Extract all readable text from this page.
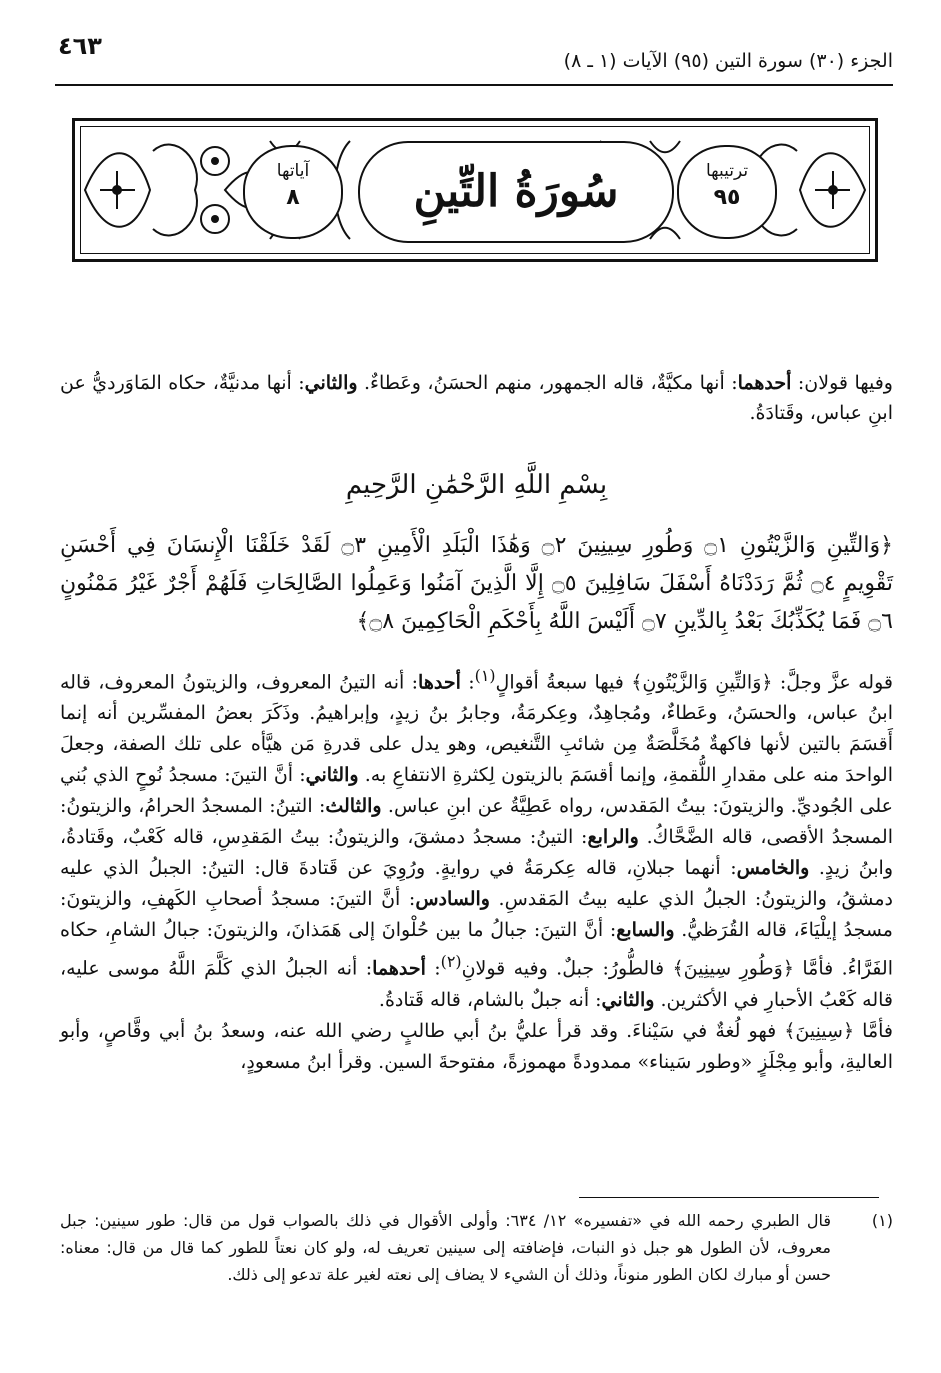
٤٦٣
الجزء (٣٠) سورة التين (٩٥) الآيات (١ ـ ٨)
ترتيبها
٩٥
سُورَةُ التِّينِ
آياتها
٨
وفيها قولان: أحدهما: أنها مكيَّةٌ، قاله الجمهور، منهم الحسَنُ، وعَطاءٌ. والثاني: أنها مدنيَّةٌ، حكاه المَاوَرديُّ عن ابنِ عباس، وقَتادَةُ.
بِسْمِ اللَّهِ الرَّحْمَٰنِ الرَّحِيمِ
﴿وَالتِّينِ وَالزَّيْتُونِ ۝١ وَطُورِ سِينِينَ ۝٢ وَهَٰذَا الْبَلَدِ الْأَمِينِ ۝٣ لَقَدْ خَلَقْنَا الْإِنسَانَ فِي أَحْسَنِ تَقْوِيمٍ ۝٤ ثُمَّ رَدَدْنَاهُ أَسْفَلَ سَافِلِينَ ۝٥ إِلَّا الَّذِينَ آمَنُوا وَعَمِلُوا الصَّالِحَاتِ فَلَهُمْ أَجْرٌ غَيْرُ مَمْنُونٍ ۝٦ فَمَا يُكَذِّبُكَ بَعْدُ بِالدِّينِ ۝٧ أَلَيْسَ اللَّهُ بِأَحْكَمِ الْحَاكِمِينَ ۝٨﴾
قوله عزَّ وجلَّ: ﴿وَالتِّينِ وَالزَّيْتُونِ﴾ فيها سبعةُ أقوالٍ$^{(١)}$: أحدها: أنه التينُ المعروف، والزيتونُ المعروف، قاله ابنُ عباس، والحسَنُ، وعَطاءٌ، ومُجاهِدٌ، وعِكرمَةُ، وجابرُ بنُ زيدٍ، وإبراهيمُ. وذَكَرَ بعضُ المفسِّرين أنه إنما أَقسَمَ بالتين لأنها فاكهةٌ مُخَلَّصَةٌ مِن شائبِ التَّنغيص، وهو يدل على قدرةِ مَن هيَّأه على تلك الصفة، وجعلَ الواحدَ منه على مقدارِ اللُّقمةِ، وإنما أقسَمَ بالزيتون لِكثرةِ الانتفاعِ به. والثاني: أنَّ التينَ: مسجدُ نُوحٍ الذي بُني على الجُوديِّ. والزيتونَ: بيتُ المَقدس، رواه عَطِيَّةُ عن ابنِ عباس. والثالث: التينُ: المسجدُ الحرامُ، والزيتونُ: المسجدُ الأقصى، قاله الضَّحَّاكُ. والرابع: التينُ: مسجدُ دمشقَ، والزيتونُ: بيتُ المَقدِسِ، قاله كَعْبٌ، وقَتادةُ، وابنُ زيدٍ. والخامس: أنهما جبلانِ، قاله عِكرمَةُ في روايةٍ. ورُوِيَ عن قَتادةَ قال: التينُ: الجبلُ الذي عليه دمشقُ، والزيتونُ: الجبلُ الذي عليه بيتُ المَقدسِ. والسادس: أنَّ التينَ: مسجدُ أصحابِ الكَهفِ، والزيتونَ: مسجدُ إيلْيَاءَ، قاله القُرَظيُّ. والسابع: أنَّ التينَ: جبالُ ما بين حُلْوانَ إلى هَمَذانَ، والزيتونَ: جبالُ الشامِ، حكاه الفَرَّاءُ. فأمَّا ﴿وَطُورِ سِينِينَ﴾ فالطُّورُ: جبلٌ. وفيه قولانِ$^{(٢)}$: أحدهما: أنه الجبلُ الذي كَلَّمَ اللَّهُ موسى عليه، قاله كَعْبُ الأحبارِ في الأكثرين. والثاني: أنه جبلٌ بالشام، قاله قَتادةُ.
فأمَّا ﴿سِينِينَ﴾ فهو لُغةٌ في سَيْناءَ. وقد قرأ عليُّ بنُ أبي طالبٍ رضي الله عنه، وسعدُ بنُ أبي وقَّاصٍ، وأبو العاليةِ، وأبو مِجْلَزٍ «وطور سَيناء» ممدودةً مهموزةً، مفتوحةَ السين. وقرأ ابنُ مسعودٍ،
(١)
قال الطبري رحمه الله في «تفسيره» ١٢/ ٦٣٤: وأولى الأقوال في ذلك بالصواب قول من قال: طور سينين: جبل معروف، لأن الطول هو جبل ذو النبات، فإضافته إلى سينين تعريف له، ولو كان نعتاً للطور كما قال من قال: معناه: حسن أو مبارك لكان الطور منوناً، وذلك أن الشيء لا يضاف إلى نعته لغير علة تدعو إلى ذلك.
